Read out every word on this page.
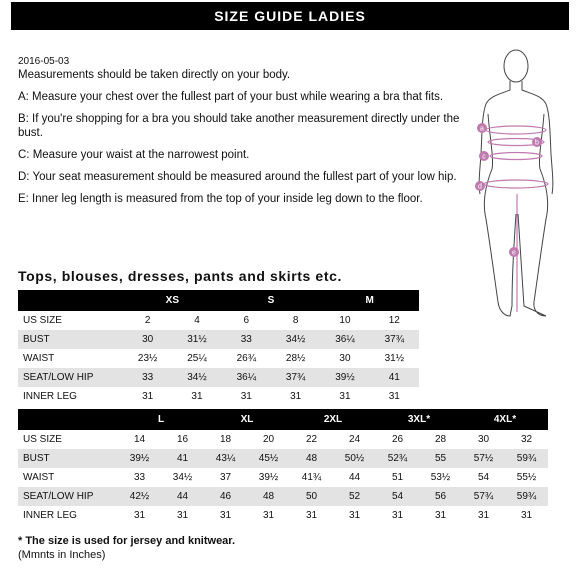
SIZE GUIDE LADIES

2016-05-03

Measurements should be taken directly on your body.

A: Measure your chest over the fullest part of your bust while wearing a bra that fits.

B: If you're shopping for a bra you should take another measurement directly under the bust.

C: Measure your waist at the narrowest point.

D: Your seat measurement should be measured around the fullest part of your low hip.

E: Inner leg length is measured from the top of your inside leg down to the floor.

a
b
c
d
e
Tops, blouses, dresses, pants and skirts etc.
	XS		S		M	
US SIZE	2	4	6	8	10	12
BUST	30	31½	33	34½	36¼	37¾
WAIST	23½	25¼	26¾	28½	30	31½
SEAT/LOW HIP	33	34½	36¼	37¾	39½	41
INNER LEG	31	31	31	31	31	31
	L		XL		2XL		3XL*		4XL*	
US SIZE	14	16	18	20	22	24	26	28	30	32
BUST	39½	41	43¼	45½	48	50½	52¾	55	57½	59¾
WAIST	33	34½	37	39½	41¾	44	51	53½	54	55½
SEAT/LOW HIP	42½	44	46	48	50	52	54	56	57¾	59¾
INNER LEG	31	31	31	31	31	31	31	31	31	31
* The size is used for jersey and knitwear.
(Mmnts in Inches)
